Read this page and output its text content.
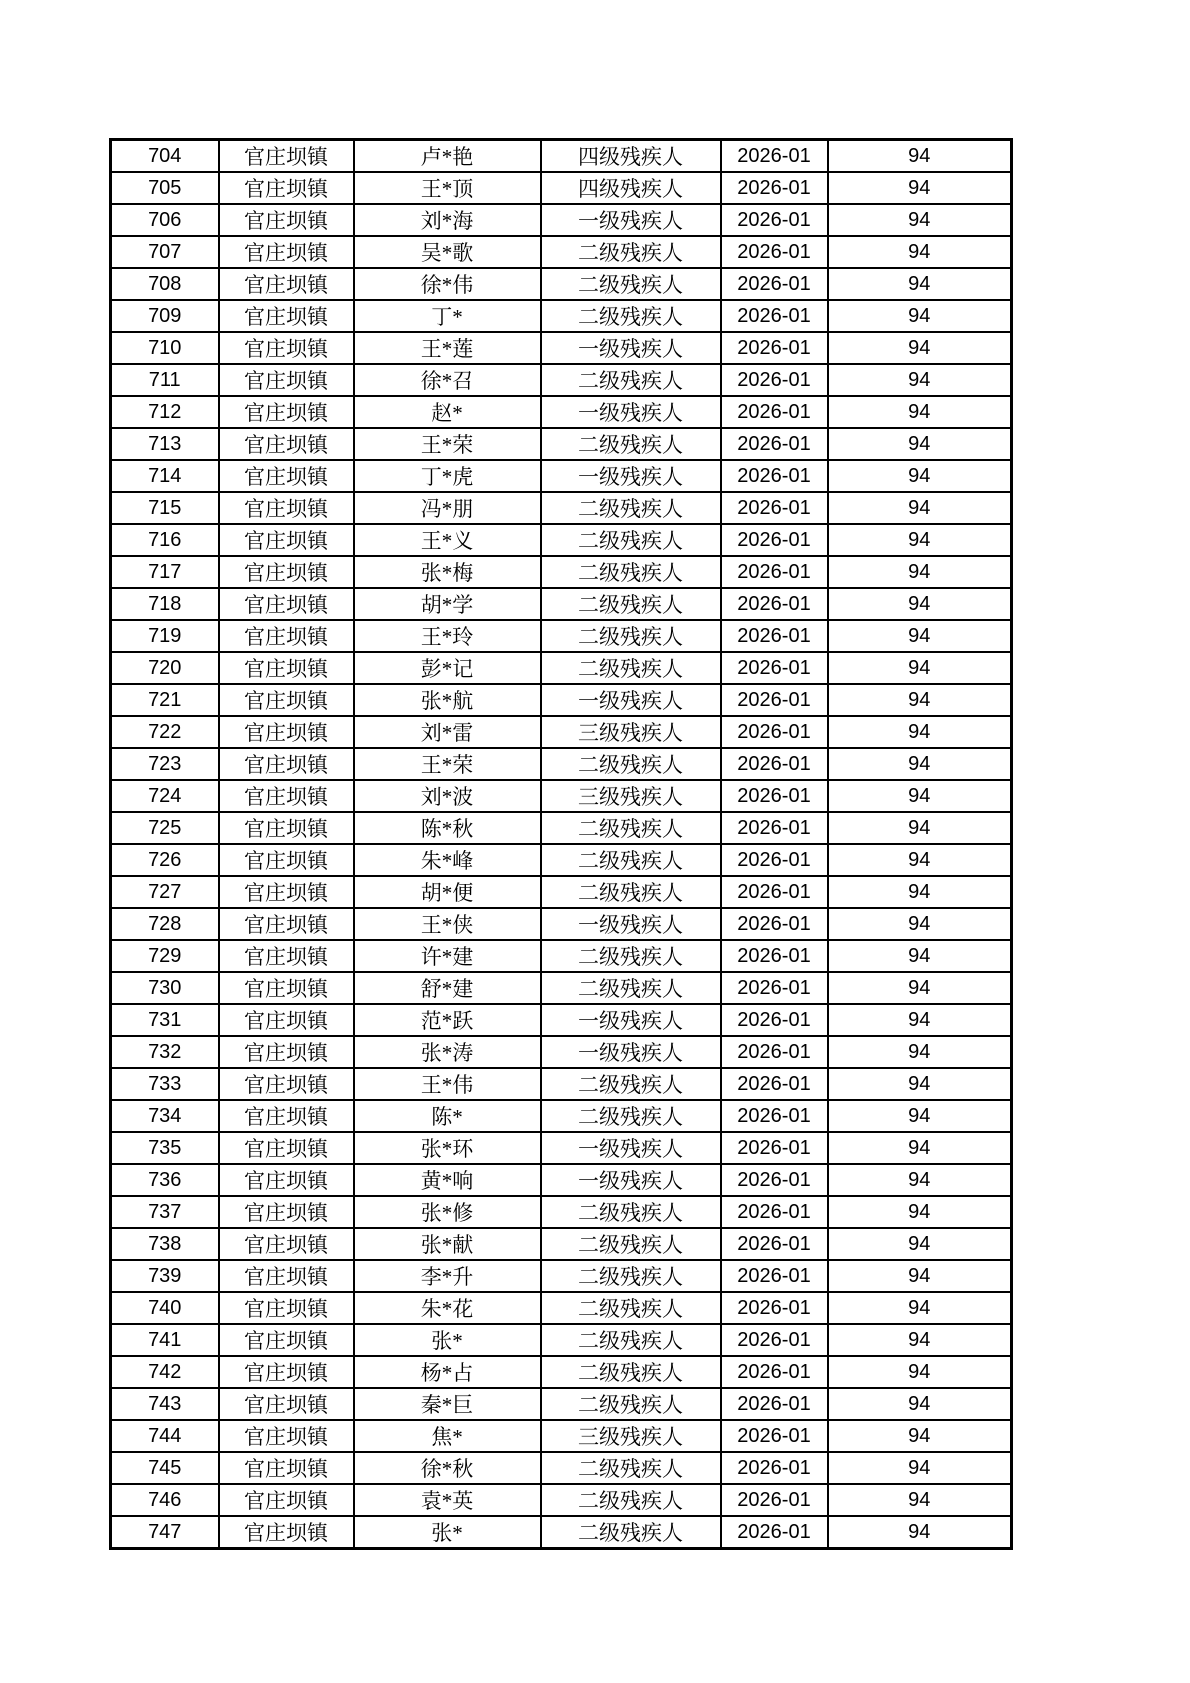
704	官庄坝镇	卢*艳	四级残疾人	2026-01	94
705	官庄坝镇	王*顶	四级残疾人	2026-01	94
706	官庄坝镇	刘*海	一级残疾人	2026-01	94
707	官庄坝镇	吴*歌	二级残疾人	2026-01	94
708	官庄坝镇	徐*伟	二级残疾人	2026-01	94
709	官庄坝镇	丁*	二级残疾人	2026-01	94
710	官庄坝镇	王*莲	一级残疾人	2026-01	94
711	官庄坝镇	徐*召	二级残疾人	2026-01	94
712	官庄坝镇	赵*	一级残疾人	2026-01	94
713	官庄坝镇	王*荣	二级残疾人	2026-01	94
714	官庄坝镇	丁*虎	一级残疾人	2026-01	94
715	官庄坝镇	冯*朋	二级残疾人	2026-01	94
716	官庄坝镇	王*义	二级残疾人	2026-01	94
717	官庄坝镇	张*梅	二级残疾人	2026-01	94
718	官庄坝镇	胡*学	二级残疾人	2026-01	94
719	官庄坝镇	王*玲	二级残疾人	2026-01	94
720	官庄坝镇	彭*记	二级残疾人	2026-01	94
721	官庄坝镇	张*航	一级残疾人	2026-01	94
722	官庄坝镇	刘*雷	三级残疾人	2026-01	94
723	官庄坝镇	王*荣	二级残疾人	2026-01	94
724	官庄坝镇	刘*波	三级残疾人	2026-01	94
725	官庄坝镇	陈*秋	二级残疾人	2026-01	94
726	官庄坝镇	朱*峰	二级残疾人	2026-01	94
727	官庄坝镇	胡*便	二级残疾人	2026-01	94
728	官庄坝镇	王*侠	一级残疾人	2026-01	94
729	官庄坝镇	许*建	二级残疾人	2026-01	94
730	官庄坝镇	舒*建	二级残疾人	2026-01	94
731	官庄坝镇	范*跃	一级残疾人	2026-01	94
732	官庄坝镇	张*涛	一级残疾人	2026-01	94
733	官庄坝镇	王*伟	二级残疾人	2026-01	94
734	官庄坝镇	陈*	二级残疾人	2026-01	94
735	官庄坝镇	张*环	一级残疾人	2026-01	94
736	官庄坝镇	黄*响	一级残疾人	2026-01	94
737	官庄坝镇	张*修	二级残疾人	2026-01	94
738	官庄坝镇	张*献	二级残疾人	2026-01	94
739	官庄坝镇	李*升	二级残疾人	2026-01	94
740	官庄坝镇	朱*花	二级残疾人	2026-01	94
741	官庄坝镇	张*	二级残疾人	2026-01	94
742	官庄坝镇	杨*占	二级残疾人	2026-01	94
743	官庄坝镇	秦*巨	二级残疾人	2026-01	94
744	官庄坝镇	焦*	三级残疾人	2026-01	94
745	官庄坝镇	徐*秋	二级残疾人	2026-01	94
746	官庄坝镇	袁*英	二级残疾人	2026-01	94
747	官庄坝镇	张*	二级残疾人	2026-01	94
